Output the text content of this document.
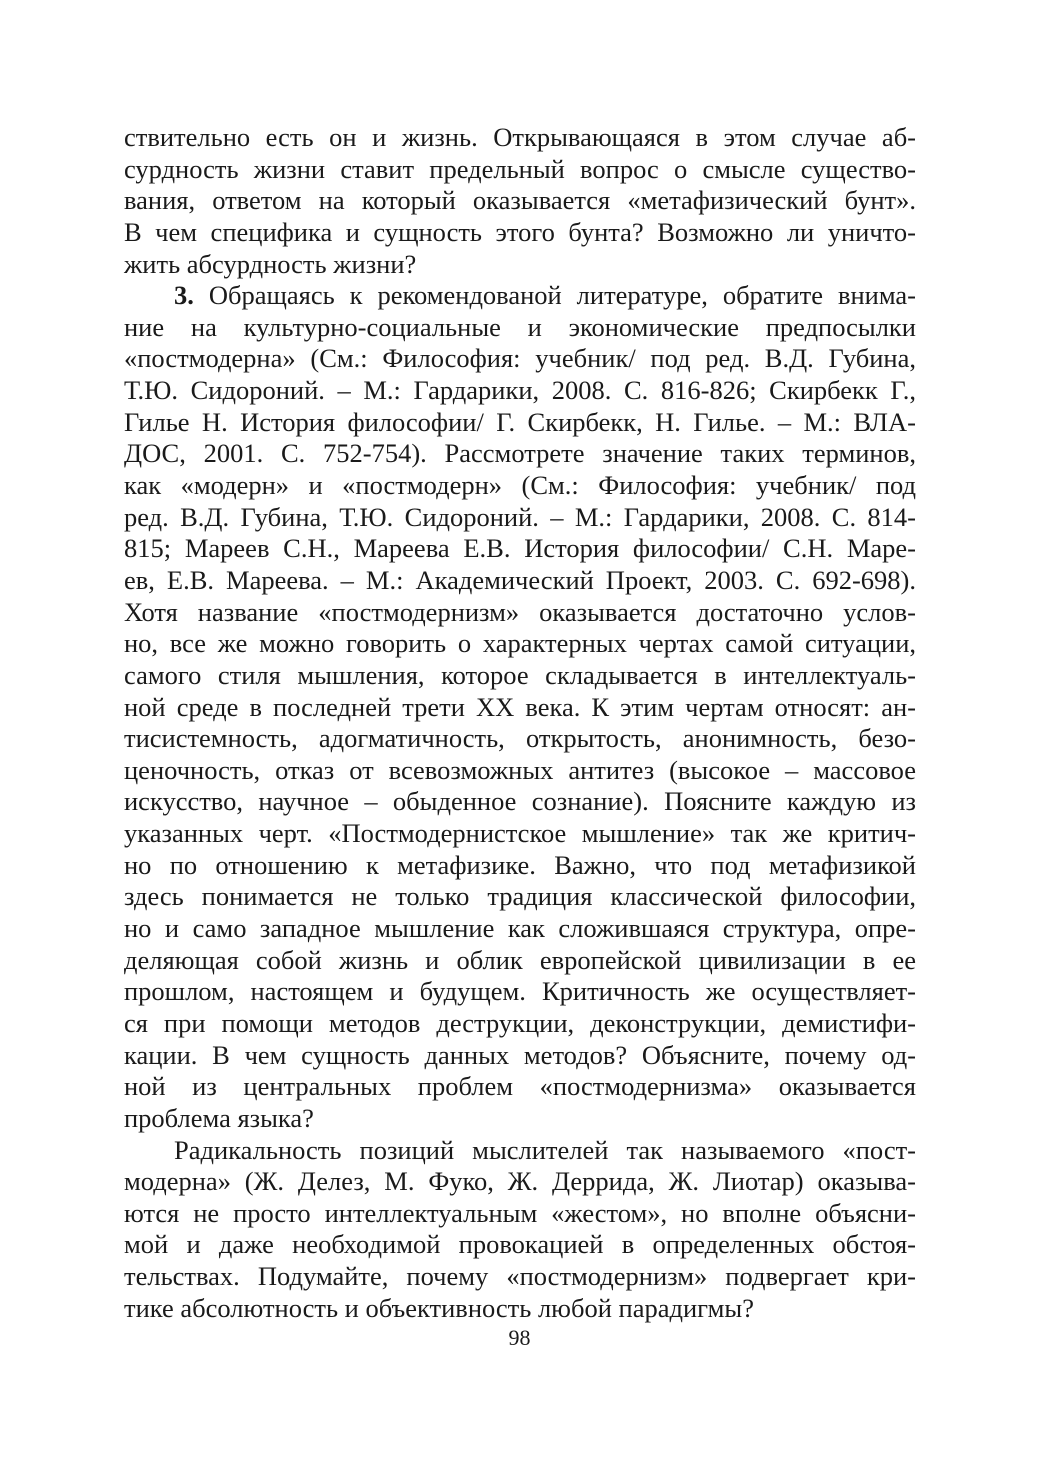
ствительно есть он и жизнь. Открывающаяся в этом случае аб-
сурдность жизни ставит предельный вопрос о смысле существо-
вания, ответом на который оказывается «метафизический бунт».
В чем специфика и сущность этого бунта? Возможно ли уничто-
жить абсурдность жизни?
3. Обращаясь к рекомендованой литературе, обратите внима-
ние на культурно-социальные и экономические предпосылки
«постмодерна» (См.: Философия: учебник/ под ред. В.Д. Губина,
Т.Ю. Сидороний. – М.: Гардарики, 2008. С. 816-826; Скирбекк Г.,
Гилье Н. История философии/ Г. Скирбекк, Н. Гилье. – М.: ВЛА-
ДОС, 2001. С. 752-754). Рассмотрете значение таких терминов,
как «модерн» и «постмодерн» (См.: Философия: учебник/ под
ред. В.Д. Губина, Т.Ю. Сидороний. – М.: Гардарики, 2008. С. 814-
815; Мареев С.Н., Мареева Е.В. История философии/ С.Н. Маре-
ев, Е.В. Мареева. – М.: Академический Проект, 2003. С. 692-698).
Хотя название «постмодернизм» оказывается достаточно услов-
но, все же можно говорить о характерных чертах самой ситуации,
самого стиля мышления, которое складывается в интеллектуаль-
ной среде в последней трети XX века. К этим чертам относят: ан-
тисистемность, адогматичность, открытость, анонимность, безо-
ценочность, отказ от всевозможных антитез (высокое – массовое
искусство, научное – обыденное сознание). Поясните каждую из
указанных черт. «Постмодернистское мышление» так же критич-
но по отношению к метафизике. Важно, что под метафизикой
здесь понимается не только традиция классической философии,
но и само западное мышление как сложившаяся структура, опре-
деляющая собой жизнь и облик европейской цивилизации в ее
прошлом, настоящем и будущем. Критичность же осуществляет-
ся при помощи методов деструкции, деконструкции, демистифи-
кации. В чем сущность данных методов? Объясните, почему од-
ной из центральных проблем «постмодернизма» оказывается
проблема языка?
Радикальность позиций мыслителей так называемого «пост-
модерна» (Ж. Делез, М. Фуко, Ж. Деррида, Ж. Лиотар) оказыва-
ются не просто интеллектуальным «жестом», но вполне объясни-
мой и даже необходимой провокацией в определенных обстоя-
тельствах. Подумайте, почему «постмодернизм» подвергает кри-
тике абсолютность и объективность любой парадигмы?
98
